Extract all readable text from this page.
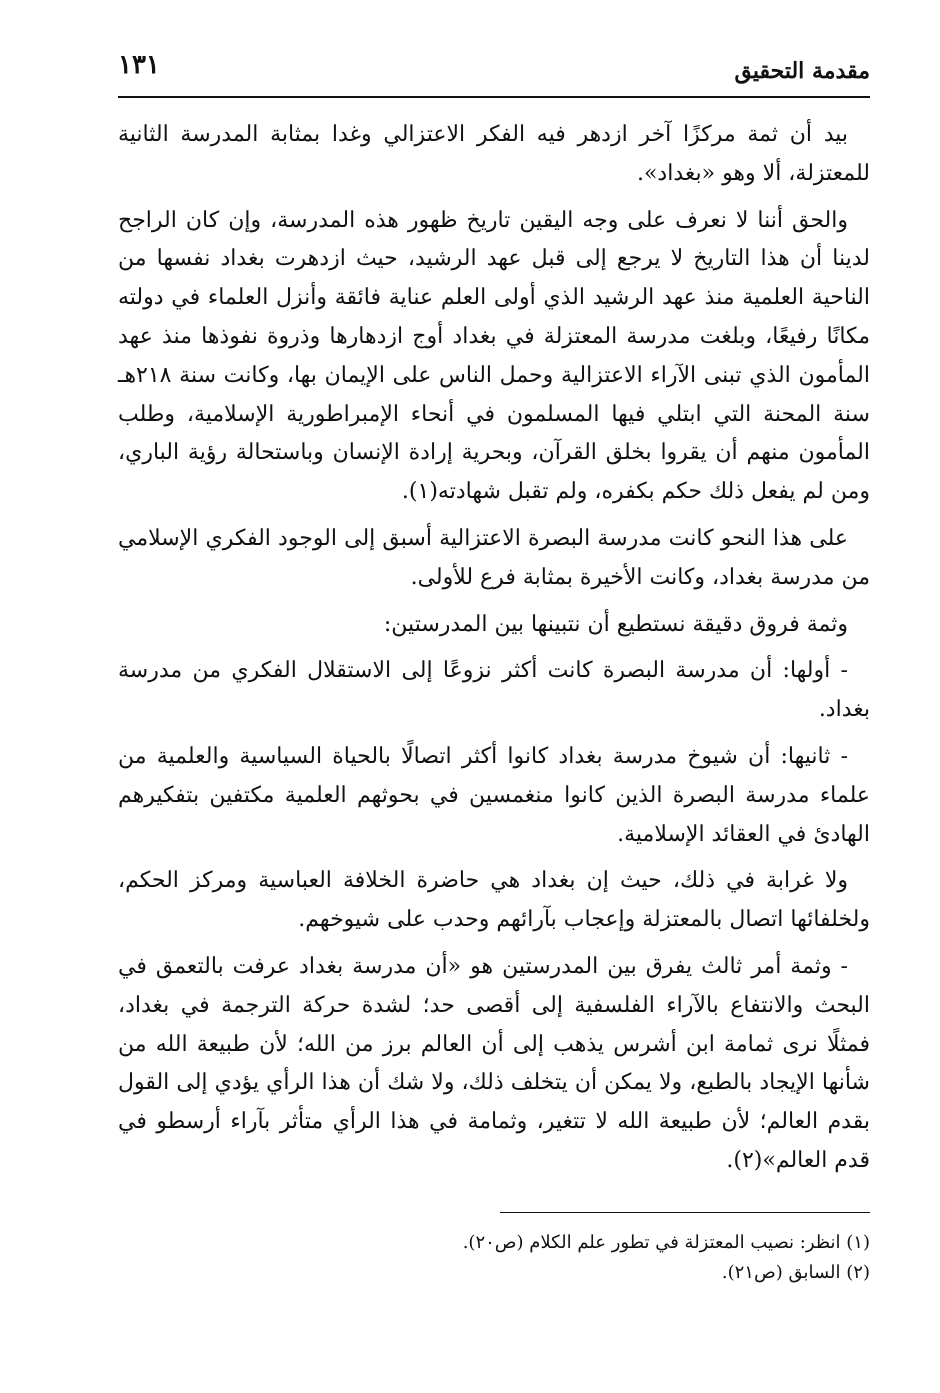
مقدمة التحقيق
١٣١

بيد أن ثمة مركزًا آخر ازدهر فيه الفكر الاعتزالي وغدا بمثابة المدرسة الثانية للمعتزلة، ألا وهو «بغداد».

والحق أننا لا نعرف على وجه اليقين تاريخ ظهور هذه المدرسة، وإن كان الراجح لدينا أن هذا التاريخ لا يرجع إلى قبل عهد الرشيد، حيث ازدهرت بغداد نفسها من الناحية العلمية منذ عهد الرشيد الذي أولى العلم عناية فائقة وأنزل العلماء في دولته مكانًا رفيعًا، وبلغت مدرسة المعتزلة في بغداد أوج ازدهارها وذروة نفوذها منذ عهد المأمون الذي تبنى الآراء الاعتزالية وحمل الناس على الإيمان بها، وكانت سنة ٢١٨هـ سنة المحنة التي ابتلي فيها المسلمون في أنحاء الإمبراطورية الإسلامية، وطلب المأمون منهم أن يقروا بخلق القرآن، وبحرية إرادة الإنسان وباستحالة رؤية الباري، ومن لم يفعل ذلك حكم بكفره، ولم تقبل شهادته(١).

على هذا النحو كانت مدرسة البصرة الاعتزالية أسبق إلى الوجود الفكري الإسلامي من مدرسة بغداد، وكانت الأخيرة بمثابة فرع للأولى.

وثمة فروق دقيقة نستطيع أن نتبينها بين المدرستين:

- أولها: أن مدرسة البصرة كانت أكثر نزوعًا إلى الاستقلال الفكري من مدرسة بغداد.

- ثانيها: أن شيوخ مدرسة بغداد كانوا أكثر اتصالًا بالحياة السياسية والعلمية من علماء مدرسة البصرة الذين كانوا منغمسين في بحوثهم العلمية مكتفين بتفكيرهم الهادئ في العقائد الإسلامية.

ولا غرابة في ذلك، حيث إن بغداد هي حاضرة الخلافة العباسية ومركز الحكم، ولخلفائها اتصال بالمعتزلة وإعجاب بآرائهم وحدب على شيوخهم.

- وثمة أمر ثالث يفرق بين المدرستين هو «أن مدرسة بغداد عرفت بالتعمق في البحث والانتفاع بالآراء الفلسفية إلى أقصى حد؛ لشدة حركة الترجمة في بغداد، فمثلًا نرى ثمامة ابن أشرس يذهب إلى أن العالم برز من الله؛ لأن طبيعة الله من شأنها الإيجاد بالطبع، ولا يمكن أن يتخلف ذلك، ولا شك أن هذا الرأي يؤدي إلى القول بقدم العالم؛ لأن طبيعة الله لا تتغير، وثمامة في هذا الرأي متأثر بآراء أرسطو في قدم العالم»(٢).

(١) انظر: نصيب المعتزلة في تطور علم الكلام (ص٢٠).

(٢) السابق (ص٢١).
